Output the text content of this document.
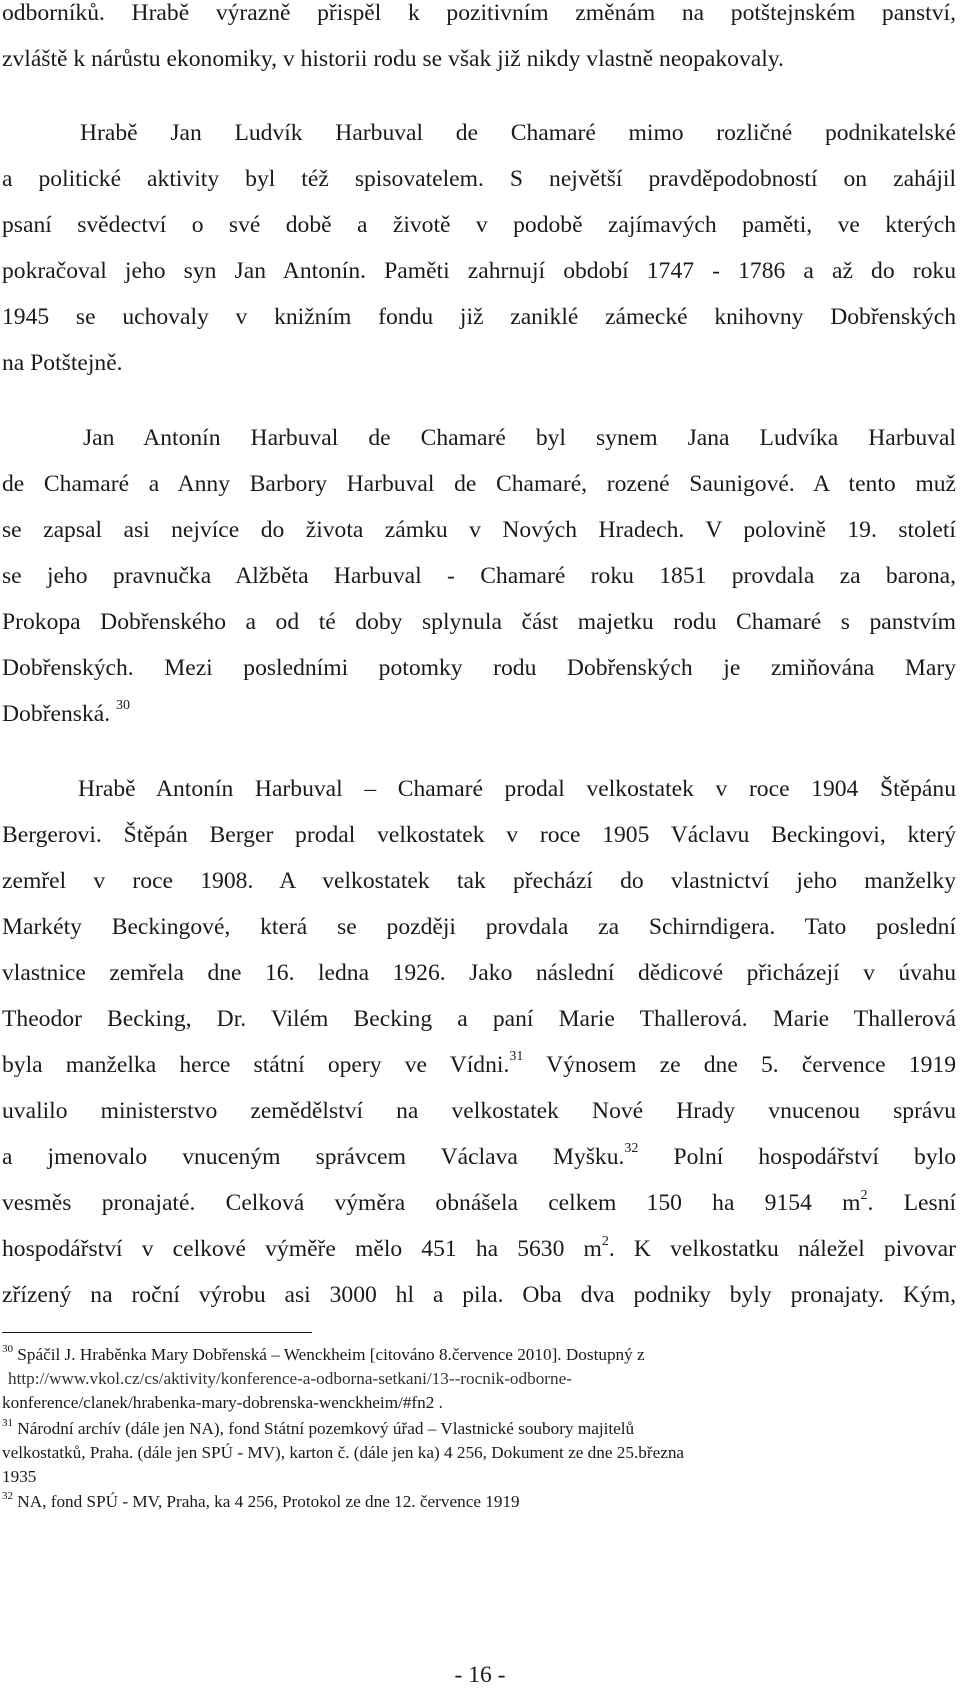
odborníků. Hrabě výrazně přispěl k pozitivním změnám na potštejnském panství,
zvláště k nárůstu ekonomiky, v historii rodu se však již nikdy vlastně neopakovaly.
Hrabě Jan Ludvík Harbuval de Chamaré mimo rozličné podnikatelské
a politické aktivity byl též spisovatelem. S největší pravděpodobností on zahájil
psaní svědectví o své době a životě v podobě zajímavých paměti, ve kterých
pokračoval jeho syn Jan Antonín. Paměti zahrnují období 1747 - 1786 a až do roku
1945 se uchovaly v knižním fondu již zaniklé zámecké knihovny Dobřenských
na Potštejně.
Jan Antonín Harbuval de Chamaré byl synem Jana Ludvíka Harbuval
de Chamaré a Anny Barbory Harbuval de Chamaré, rozené Saunigové. A tento muž
se zapsal asi nejvíce do života zámku v Nových Hradech. V polovině 19. století
se jeho pravnučka Alžběta Harbuval - Chamaré roku 1851 provdala za barona,
Prokopa Dobřenského a od té doby splynula část majetku rodu Chamaré s panstvím
Dobřenských. Mezi posledními potomky rodu Dobřenských je zmiňována Mary
Dobřenská. $^{30}$
Hrabě Antonín Harbuval – Chamaré prodal velkostatek v roce 1904 Štěpánu
Bergerovi. Štěpán Berger prodal velkostatek v roce 1905 Václavu Beckingovi, který
zemřel v roce 1908. A velkostatek tak přechází do vlastnictví jeho manželky
Markéty Beckingové, která se později provdala za Schirndigera. Tato poslední
vlastnice zemřela dne 16. ledna 1926. Jako následní dědicové přicházejí v úvahu
Theodor Becking, Dr. Vilém Becking a paní Marie Thallerová. Marie Thallerová
byla manželka herce státní opery ve Vídni.$^{31}$ Výnosem ze dne 5. července 1919
uvalilo ministerstvo zemědělství na velkostatek Nové Hrady vnucenou správu
a jmenovalo vnuceným správcem Václava Myšku.$^{32}$ Polní hospodářství bylo
vesměs pronajaté. Celková výměra obnášela celkem 150 ha 9154 $m^2$. Lesní
hospodářství v celkové výměře mělo 451 ha 5630 $m^2$. K velkostatku náležel pivovar
zřízený na roční výrobu asi 3000 hl a pila. Oba dva podniky byly pronajaty. Kým,
$^{30}$ Spáčil J. Hraběnka Mary Dobřenská – Wenckheim [citováno 8.července 2010]. Dostupný z
http://www.vkol.cz/cs/aktivity/konference-a-odborna-setkani/13--rocnik-odborne-
konference/clanek/hrabenka-mary-dobrenska-wenckheim/#fn2 .
$^{31}$ Národní archív (dále jen NA), fond Státní pozemkový úřad – Vlastnické soubory majitelů
velkostatků, Praha. (dále jen SPÚ - MV), karton č. (dále jen ka) 4 256, Dokument ze dne 25.března
1935
$^{32}$ NA, fond SPÚ - MV, Praha, ka 4 256, Protokol ze dne 12. července 1919
- 16 -
